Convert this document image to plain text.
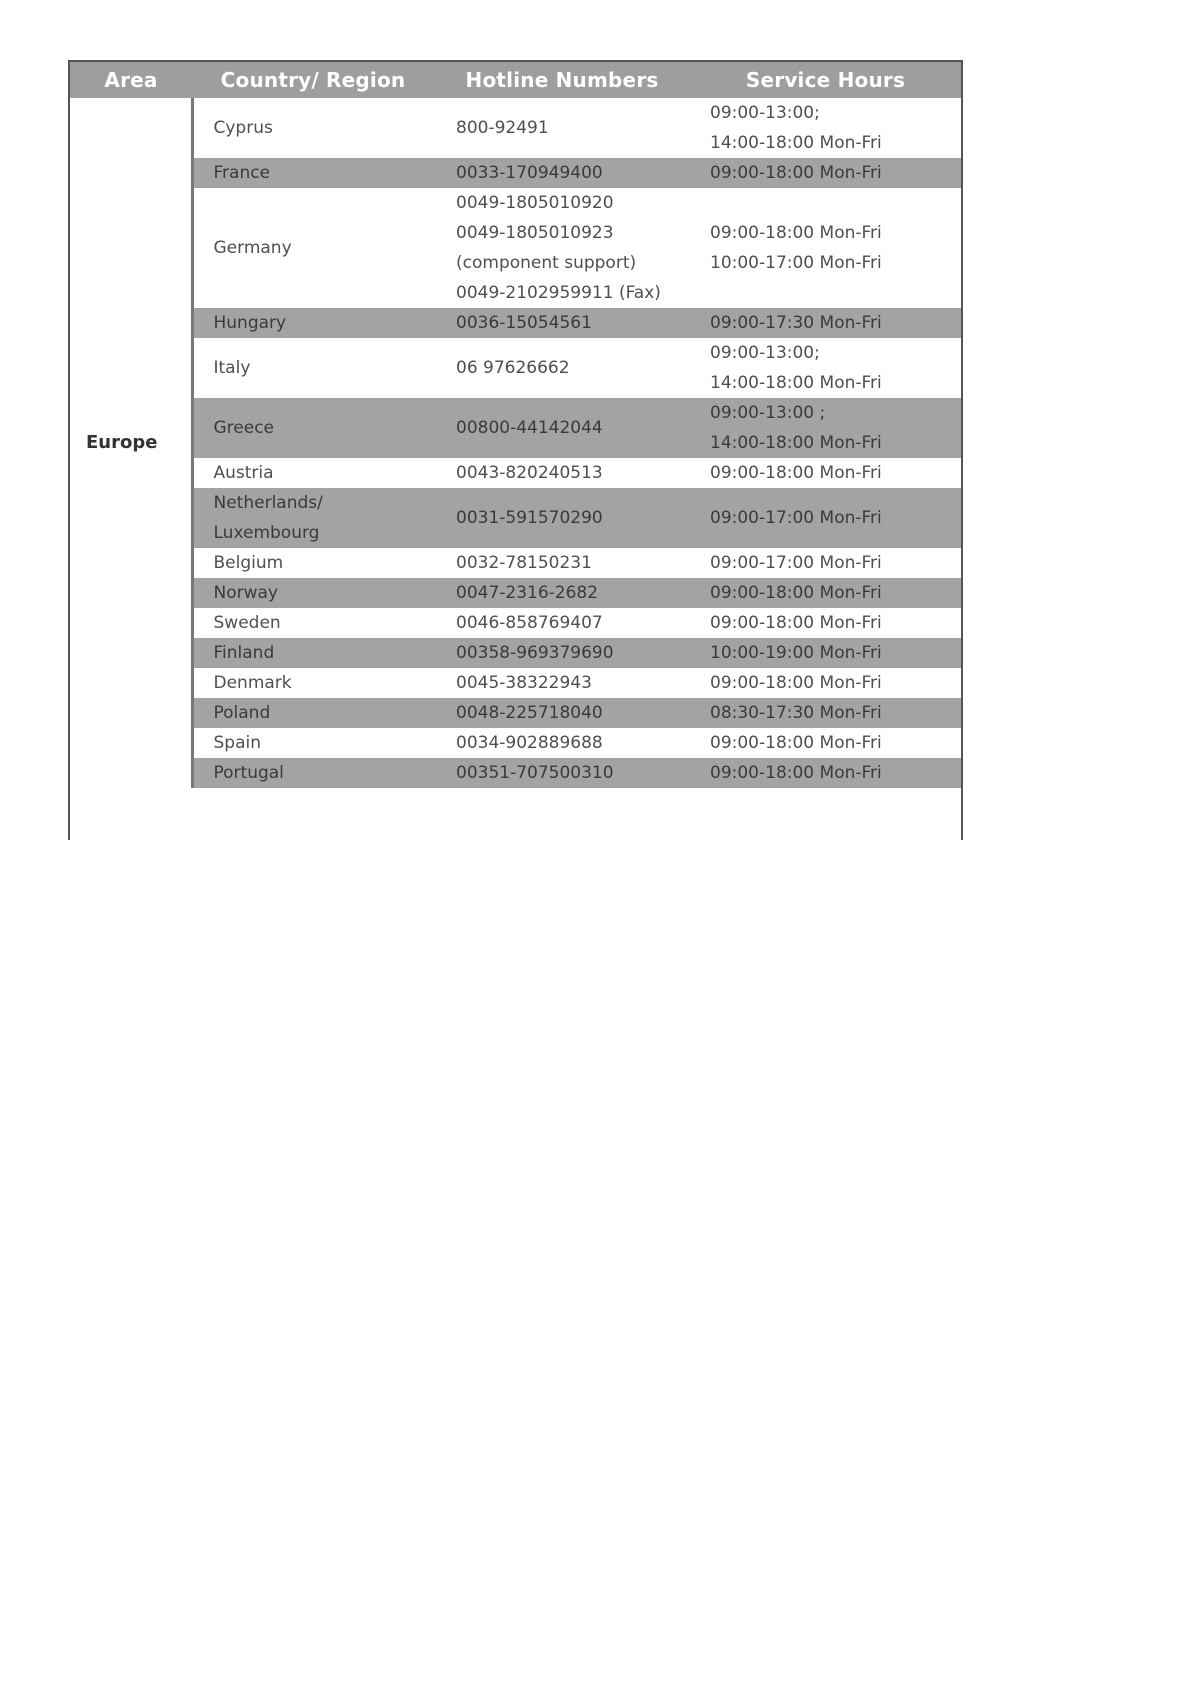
Area	Country/ Region	Hotline Numbers	Service Hours
Europe	Cyprus	800-92491	09:00-13:00;
14:00-18:00 Mon-Fri

	France	0033-170949400	09:00-18:00 Mon-Fri

	Germany	0049-1805010920
0049-1805010923
(component support)
0049-2102959911 (Fax)	09:00-18:00 Mon-Fri
10:00-17:00 Mon-Fri

	Hungary	0036-15054561	09:00-17:30 Mon-Fri

	Italy	06 97626662	09:00-13:00;
14:00-18:00 Mon-Fri

	Greece	00800-44142044	09:00-13:00 ;
14:00-18:00 Mon-Fri

	Austria	0043-820240513	09:00-18:00 Mon-Fri

	Netherlands/
Luxembourg	0031-591570290	09:00-17:00 Mon-Fri

	Belgium	0032-78150231	09:00-17:00 Mon-Fri

	Norway	0047-2316-2682	09:00-18:00 Mon-Fri

	Sweden	0046-858769407	09:00-18:00 Mon-Fri

	Finland	00358-969379690	10:00-19:00 Mon-Fri

	Denmark	0045-38322943	09:00-18:00 Mon-Fri

	Poland	0048-225718040	08:30-17:30 Mon-Fri

	Spain	0034-902889688	09:00-18:00 Mon-Fri

	Portugal	00351-707500310	09:00-18:00 Mon-Fri
